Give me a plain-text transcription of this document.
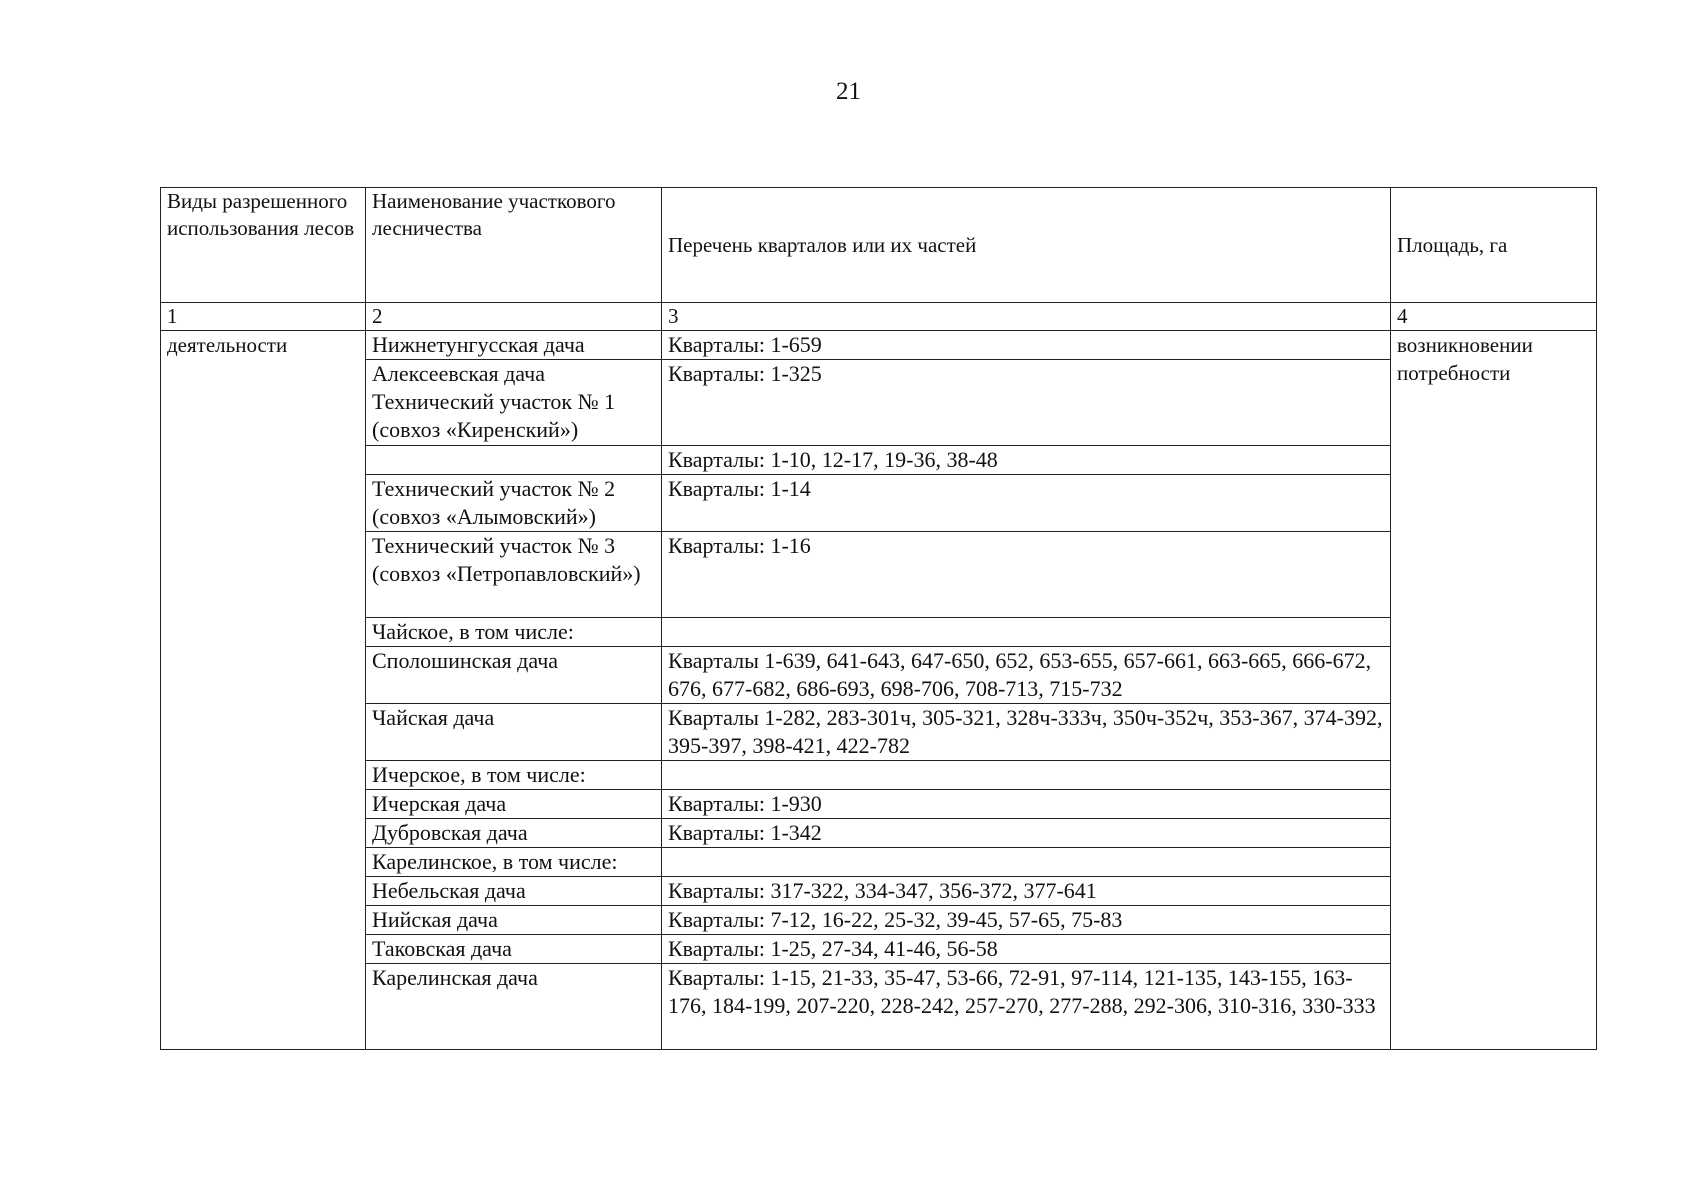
21
Виды разрешенного использования лесов	Наименование участкового лесничества	Перечень кварталов или их частей	Площадь, га
1	2	3	4
деятельности	Нижнетунгусская дача	Кварталы: 1-659	возникновении потребности
	Алексеевская дача Технический участок № 1 (совхоз «Киренский»)	Кварталы: 1-325	
		Кварталы: 1-10, 12-17, 19-36, 38-48	
	Технический участок № 2 (совхоз «Алымовский»)	Кварталы: 1-14	
	Технический участок № 3 (совхоз «Петропавловский»)	Кварталы: 1-16	
	Чайское, в том числе:		
	Сполошинская дача	Кварталы 1-639, 641-643, 647-650, 652, 653-655, 657-661, 663-665, 666-672, 676, 677-682, 686-693, 698-706, 708-713, 715-732	
	Чайская дача	Кварталы 1-282, 283-301ч, 305-321, 328ч-333ч, 350ч-352ч, 353-367, 374-392, 395-397, 398-421, 422-782	
	Ичерское, в том числе:		
	Ичерская дача	Кварталы: 1-930	
	Дубровская дача	Кварталы: 1-342	
	Карелинское, в том числе:		
	Небельская дача	Кварталы: 317-322, 334-347, 356-372, 377-641	
	Нийская дача	Кварталы: 7-12, 16-22, 25-32, 39-45, 57-65, 75-83	
	Таковская дача	Кварталы: 1-25, 27-34, 41-46, 56-58	
	Карелинская дача	Кварталы: 1-15, 21-33, 35-47, 53-66, 72-91, 97-114, 121-135, 143-155, 163-176, 184-199, 207-220, 228-242, 257-270, 277-288, 292-306, 310-316, 330-333	
